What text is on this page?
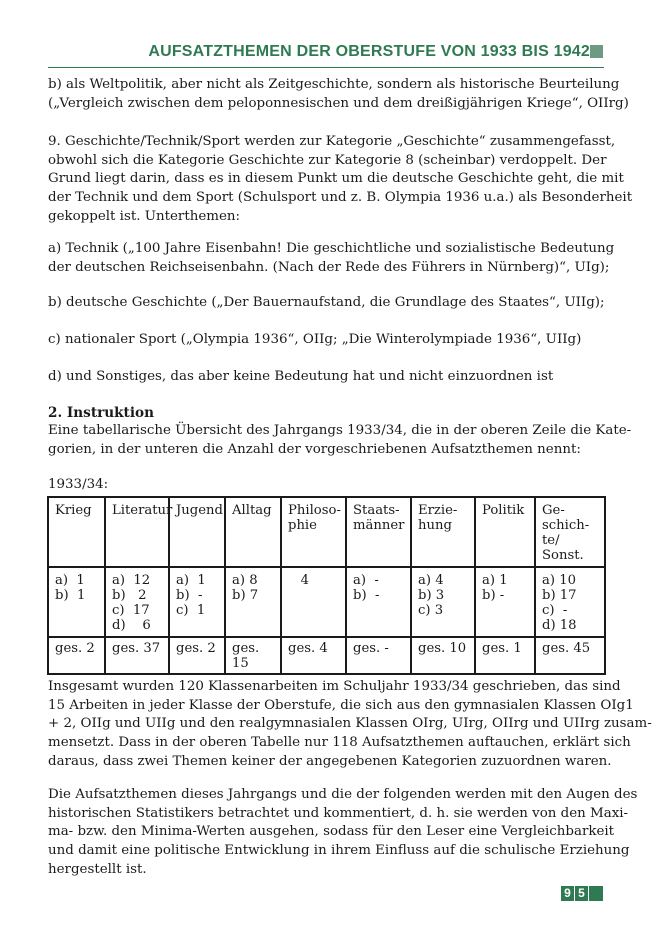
AUFSATZTHEMEN DER OBERSTUFE VON 1933 BIS 1942
b) als Weltpolitik, aber nicht als Zeitgeschichte, sondern als historische Beurteilung
(„Vergleich zwischen dem peloponnesischen und dem dreißigjährigen Kriege“, OIIrg)
9. Geschichte/Technik/Sport werden zur Kategorie „Geschichte“ zusammengefasst,
obwohl sich die Kategorie Geschichte zur Kategorie 8 (scheinbar) verdoppelt. Der
Grund liegt darin, dass es in diesem Punkt um die deutsche Geschichte geht, die mit
der Technik und dem Sport (Schulsport und z. B. Olympia 1936 u.a.) als Besonderheit
gekoppelt ist. Unterthemen:
a) Technik („100 Jahre Eisenbahn! Die geschichtliche und sozialistische Bedeutung
der deutschen Reichseisenbahn. (Nach der Rede des Führers in Nürnberg)“, UIg);
b) deutsche Geschichte („Der Bauernaufstand, die Grundlage des Staates“, UIIg);
c) nationaler Sport („Olympia 1936“, OIIg; „Die Winterolympiade 1936“, UIIg)
d) und Sonstiges, das aber keine Bedeutung hat und nicht einzuordnen ist
2. Instruktion
Eine tabellarische Übersicht des Jahrgangs 1933/34, die in der oberen Zeile die Kate-
gorien, in der unteren die Anzahl der vorgeschriebenen Aufsatzthemen nennt:
1933/34:
Krieg	Literatur	Jugend	Alltag	Philoso-
phie	Staats-
männer	Erzie-
hung	Politik	Ge-
schich-
te/
Sonst.

a)  1
b)  1	a)  12
b)   2
c)  17
d)    6	a)  1
b)  -
c)  1	a) 8
b) 7	4	a)  -
b)  -	a) 4
b) 3
c) 3	a) 1
b) -	a) 10
b) 17
c)  -
d) 18

ges. 2	ges. 37	ges. 2	ges. 15	ges. 4	ges. -	ges. 10	ges. 1	ges. 45
Insgesamt wurden 120 Klassenarbeiten im Schuljahr 1933/34 geschrieben, das sind
15 Arbeiten in jeder Klasse der Oberstufe, die sich aus den gymnasialen Klassen OIg1
+ 2, OIIg und UIIg und den realgymnasialen Klassen OIrg, UIrg, OIIrg und UIIrg zusam-
mensetzt. Dass in der oberen Tabelle nur 118 Aufsatzthemen auftauchen, erklärt sich
daraus, dass zwei Themen keiner der angegebenen Kategorien zuzuordnen waren.
Die Aufsatzthemen dieses Jahrgangs und die der folgenden werden mit den Augen des
historischen Statistikers betrachtet und kommentiert, d. h. sie werden von den Maxi-
ma- bzw. den Minima-Werten ausgehen, sodass für den Leser eine Vergleichbarkeit
und damit eine politische Entwicklung in ihrem Einfluss auf die schulische Erziehung
hergestellt ist.
9 5
